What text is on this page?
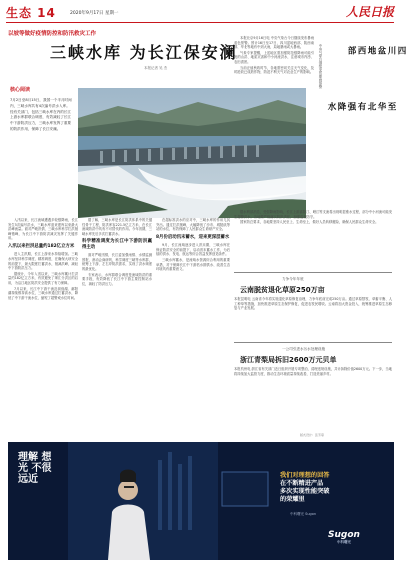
生态 14	2020年9月17日 星期一	人民日报
以坡等做好疫情防控和防汛救灾工作
三峡水库 为长江保安澜
本报记者 吴 杰
核心阅读
7月2日至8月15日，我国一个半月时间内，三峡水库共有4次编号洪水入库。经有关部门，包括三峡水库在内的长江上游水库群联合调度，有效减轻了长江中下游防洪压力，三峡水库发挥了重要的防洪作用，保障了长江安澜。

入汛以来，长江流域遭遇多轮强降雨，长江发生5次编号洪水，三峡水库迎来建库以来最大洪峰流量。面对严峻汛情，三峡水库科学拦洪削峰错峰，为长江中下游防洪减灾发挥了关键作用。

入汛以来拦洪总量约182亿立方米

进入主汛期，长江上游来水持续增加。三峡水库坚持科学调度，精准调度，在确保大坝安全的前提下，最大限度拦蓄洪水，削减洪峰，减轻中下游防洪压力。

据统计，今年入汛以来，三峡水库累计拦洪量约182亿立方米，有效避免了荆江分洪区的启用，为沿江地区防洪安全提供了有力保障。

7月以来，长江中下游干流及洞庭湖、鄱阳湖持续维持高水位，三峡水库通过拦蓄洪水，降低了中下游干流水位，缩短了超警戒水位时间。

据了解，三峡水库是长江防洪体系中的关键性骨干工程，防洪库容221.5亿立方米，在长江流域防洪中具有不可替代的作用。今年汛期，三峡水库先后多次拦蓄洪水。

科学精准调度为长江中下游防洪赢得主动

面对严峻汛情，长江委加强雨情、水情监测预报，滚动会商研判，科学调度三峡等水库群，统筹上下游、左右岸防洪需求，实现了洪水调度的最优化。

专家表示，水库群联合调度是流域防洪的重要手段，有效降低了长江中下游主要控制站水位，减轻了防洪压力。

在超标准洪水的应对中，三峡水库的作用尤其突出。通过拦洪削峰，大幅降低了沙市、城陵矶等站的水位，有效保障了人民群众生命财产安全。

8月份启动汛末蓄水，迎来更深层蓄水

9月，长江流域逐步进入汛末期，三峡水库在保证防洪安全的前提下，启动汛末蓄水工作，为后续的供水、发电、航运等综合效益发挥创造条件。

三峡水库蓄水，是流域水资源综合利用的重要举措，对于保障长江中下游枯水期供水、改善生态环境具有重要意义。

中央气象台继续发布暴雨预警	四川盆地西部
至华北有强降水

本报北京9月16日电 中央气象台今日继续发布暴雨蓝色预警。预计16日至17日，四川盆地西部、陕西南部、华北等地有中到大雨，局地暴雨或大暴雨。

气象专家提醒，上述地区需加强防范强降雨可能引发的山洪、地质灾害和中小河流洪水，注意城市内涝、农田渍涝。

当前正值秋收时节，各地需密切关注天气变化，及时抢收已成熟作物，防范不利天气对农业生产的影响。

据水利部消息，受强降雨影响，长江上游嘉陵江、岷江等支流将出现明显涨水过程，部分中小河流可能发生超警洪水。各地要严格落实防汛责任，加强巡查防守。

国家防总要求，各地要坚持人民至上、生命至上，做好人员转移避险，确保人民群众生命安全。

力争今年年底
云南脱贫退化草原250万亩
本报昆明电 云南省今年将实施退化草原修复治理，力争年底前完成250万亩。通过草原禁牧、草畜平衡、人工种草等措施，加快推进草原生态保护修复，促进农牧民增收。云南将加大资金投入，统筹推进草原生态修复与产业发展。
一公司引进水污水处理设施
浙江青梨局拆旧2600万元贝单
本报杭州电 浙江省有关部门近日组织开展专项整治，清理违规设施，共计拆除价值2600万元。下一步，当地将持续加大监管力度，推动生态环境质量持续改善，打造美丽乡村。
版式设计：张芳曼
理解 想光 不很 远近	我们对理想的回答
在不断精进产品
多次实现性能突破
的荣耀里
中科曙光 Sugon
Sugon
中科曙光
